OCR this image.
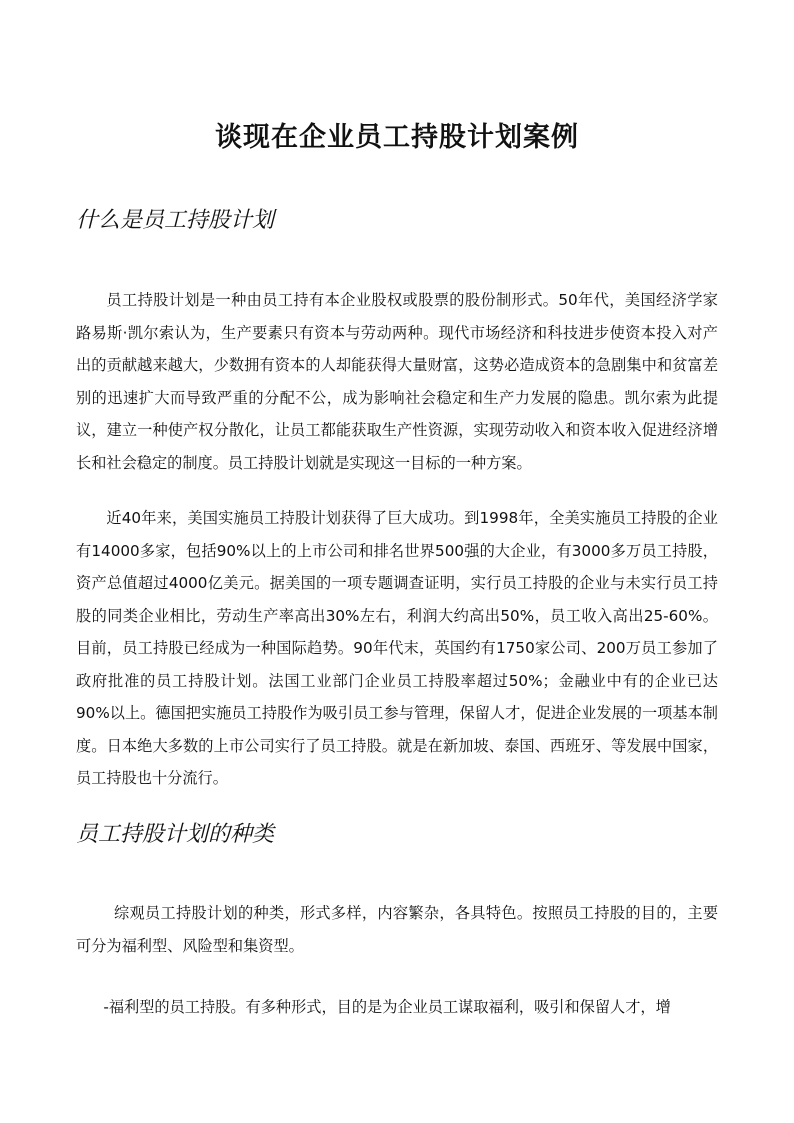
谈现在企业员工持股计划案例
什么是员工持股计划

员工持股计划是一种由员工持有本企业股权或股票的股份制形式。50年代，美国经济学家路易斯·凯尔索认为，生产要素只有资本与劳动两种。现代市场经济和科技进步使资本投入对产出的贡献越来越大，少数拥有资本的人却能获得大量财富，这势必造成资本的急剧集中和贫富差别的迅速扩大而导致严重的分配不公，成为影响社会稳定和生产力发展的隐患。凯尔索为此提议，建立一种使产权分散化，让员工都能获取生产性资源，实现劳动收入和资本收入促进经济增长和社会稳定的制度。员工持股计划就是实现这一目标的一种方案。

近40年来，美国实施员工持股计划获得了巨大成功。到1998年，全美实施员工持股的企业有14000多家，包括90%以上的上市公司和排名世界500强的大企业，有3000多万员工持股，资产总值超过4000亿美元。据美国的一项专题调查证明，实行员工持股的企业与未实行员工持股的同类企业相比，劳动生产率高出30%左右，利润大约高出50%，员工收入高出25-60%。目前，员工持股已经成为一种国际趋势。90年代末，英国约有1750家公司、200万员工参加了政府批准的员工持股计划。法国工业部门企业员工持股率超过50%；金融业中有的企业已达90%以上。德国把实施员工持股作为吸引员工参与管理，保留人才，促进企业发展的一项基本制度。日本绝大多数的上市公司实行了员工持股。就是在新加坡、泰国、西班牙、等发展中国家，员工持股也十分流行。

员工持股计划的种类

综观员工持股计划的种类，形式多样，内容繁杂，各具特色。按照员工持股的目的，主要可分为福利型、风险型和集资型。

-福利型的员工持股。有多种形式，目的是为企业员工谋取福利，吸引和保留人才，增
